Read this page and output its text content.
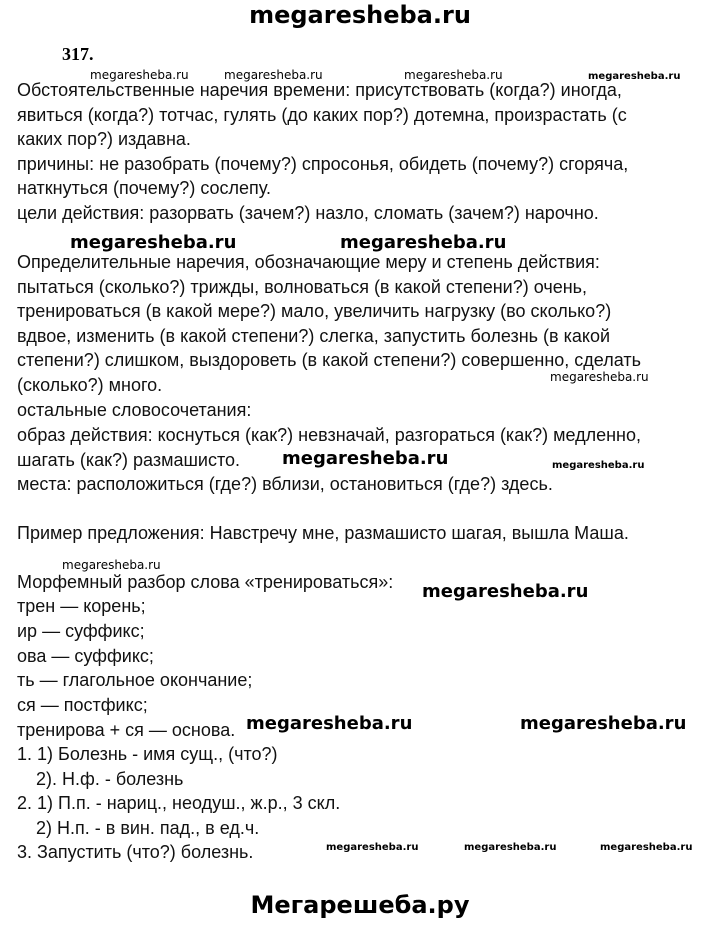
megaresheba.ru
317.
megaresheba.ru	megaresheba.ru	megaresheba.ru	megaresheba.ru
megaresheba.ru	megaresheba.ru
megaresheba.ru
megaresheba.ru	megaresheba.ru
megaresheba.ru
megaresheba.ru
megaresheba.ru	megaresheba.ru
megaresheba.ru	megaresheba.ru	megaresheba.ru
Обстоятельственные наречия времени: присутствовать (когда?) иногда,
явиться (когда?) тотчас, гулять (до каких пор?) дотемна, произрастать (с
каких пор?) издавна.
причины: не разобрать (почему?) спросонья, обидеть (почему?) сгоряча,
наткнуться (почему?) сослепу.
цели действия: разорвать (зачем?) назло, сломать (зачем?) нарочно.
Определительные наречия, обозначающие меру и степень действия:
пытаться (сколько?) трижды, волноваться (в какой степени?) очень,
тренироваться (в какой мере?) мало, увеличить нагрузку (во сколько?)
вдвое, изменить (в какой степени?) слегка, запустить болезнь (в какой
степени?) слишком, выздороветь (в какой степени?) совершенно, сделать
(сколько?) много.
остальные словосочетания:
образ действия: коснуться (как?) невзначай, разгораться (как?) медленно,
шагать (как?) размашисто.
места: расположиться (где?) вблизи, остановиться (где?) здесь.
Пример предложения: Навстречу мне, размашисто шагая, вышла Маша.
Морфемный разбор слова «тренироваться»:
трен — корень;
ир — суффикс;
ова — суффикс;
ть — глагольное окончание;
ся — постфикс;
тренирова + ся — основа.
1. 1) Болезнь - имя сущ., (что?)
2). Н.ф. - болезнь
2. 1) П.п. - нариц., неодуш., ж.р., 3 скл.
2) Н.п. - в вин. пад., в ед.ч.
3. Запустить (что?) болезнь.
Мегарешеба.ру
